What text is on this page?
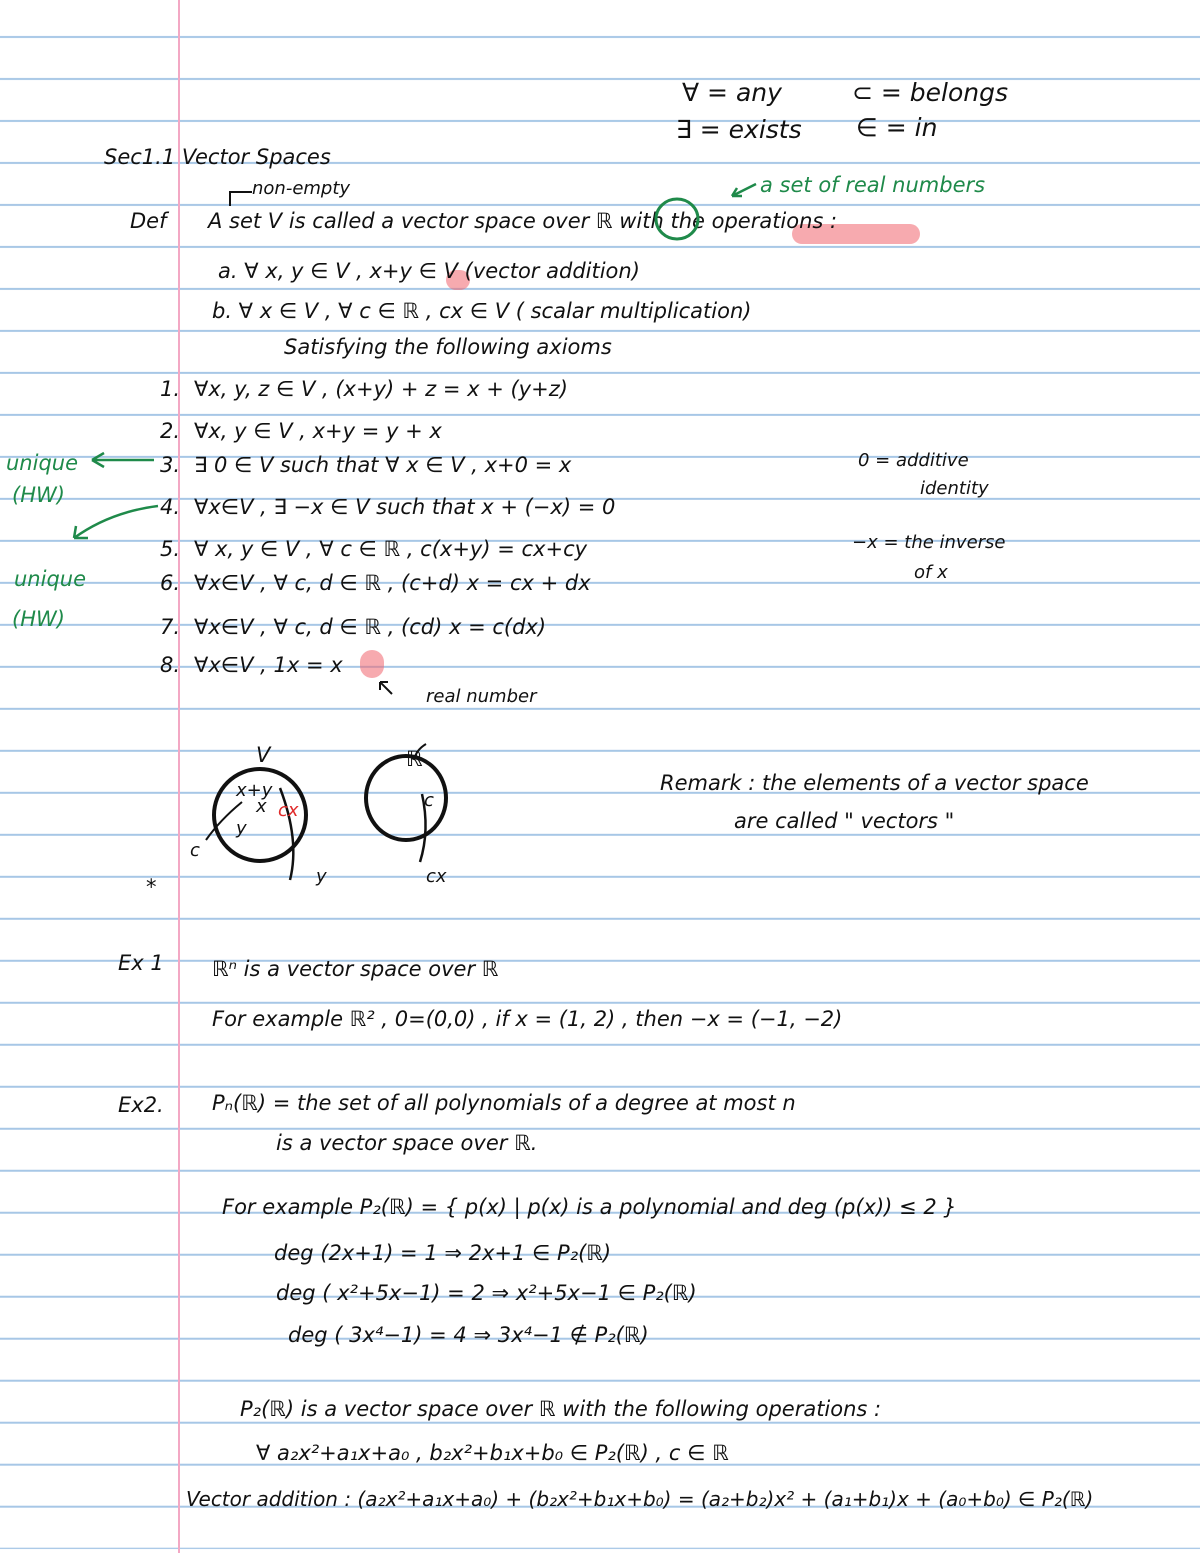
∀ = any	⊂ = belongs
∃ = exists ∈ = in
Sec1.1 Vector Spaces
non-empty	a set of real numbers
Def A set V is called a vector space over ℝ with the operations :
a. ∀ x, y ∈ V , x+y ∈ V (vector addition)
b. ∀ x ∈ V , ∀ c ∈ ℝ , cx ∈ V ( scalar multiplication)
Satisfying the following axioms
1. ∀x, y, z ∈ V , (x+y) + z = x + (y+z)
2. ∀x, y ∈ V , x+y = y + x
3. ∃ 0 ∈ V such that ∀ x ∈ V , x+0 = x
4. ∀x∈V , ∃ −x ∈ V such that x + (−x) = 0
5. ∀ x, y ∈ V , ∀ c ∈ ℝ , c(x+y) = cx+cy
6. ∀x∈V , ∀ c, d ∈ ℝ , (c+d) x = cx + dx
7. ∀x∈V , ∀ c, d ∈ ℝ , (cd) x = c(dx)
8. ∀x∈V , 1x = x
real number
0 = additive
identity
−x = the inverse
of x
unique
(HW)
unique
(HW)
V	ℝ
x+y
x cx
y
c
c
y	cx
*
Remark : the elements of a vector space
are called " vectors "
Ex 1 ℝⁿ is a vector space over ℝ
For example ℝ² , 0=(0,0) , if x = (1, 2) , then −x = (−1, −2)
Ex2. Pₙ(ℝ) = the set of all polynomials of a degree at most n
is a vector space over ℝ.
For example P₂(ℝ) = { p(x) | p(x) is a polynomial and deg (p(x)) ≤ 2 }
deg (2x+1) = 1 ⇒ 2x+1 ∈ P₂(ℝ)
deg ( x²+5x−1) = 2 ⇒ x²+5x−1 ∈ P₂(ℝ)
deg ( 3x⁴−1) = 4 ⇒ 3x⁴−1 ∉ P₂(ℝ)
P₂(ℝ) is a vector space over ℝ with the following operations :
∀ a₂x²+a₁x+a₀ , b₂x²+b₁x+b₀ ∈ P₂(ℝ) , c ∈ ℝ
Vector addition : (a₂x²+a₁x+a₀) + (b₂x²+b₁x+b₀) = (a₂+b₂)x² + (a₁+b₁)x + (a₀+b₀) ∈ P₂(ℝ)
